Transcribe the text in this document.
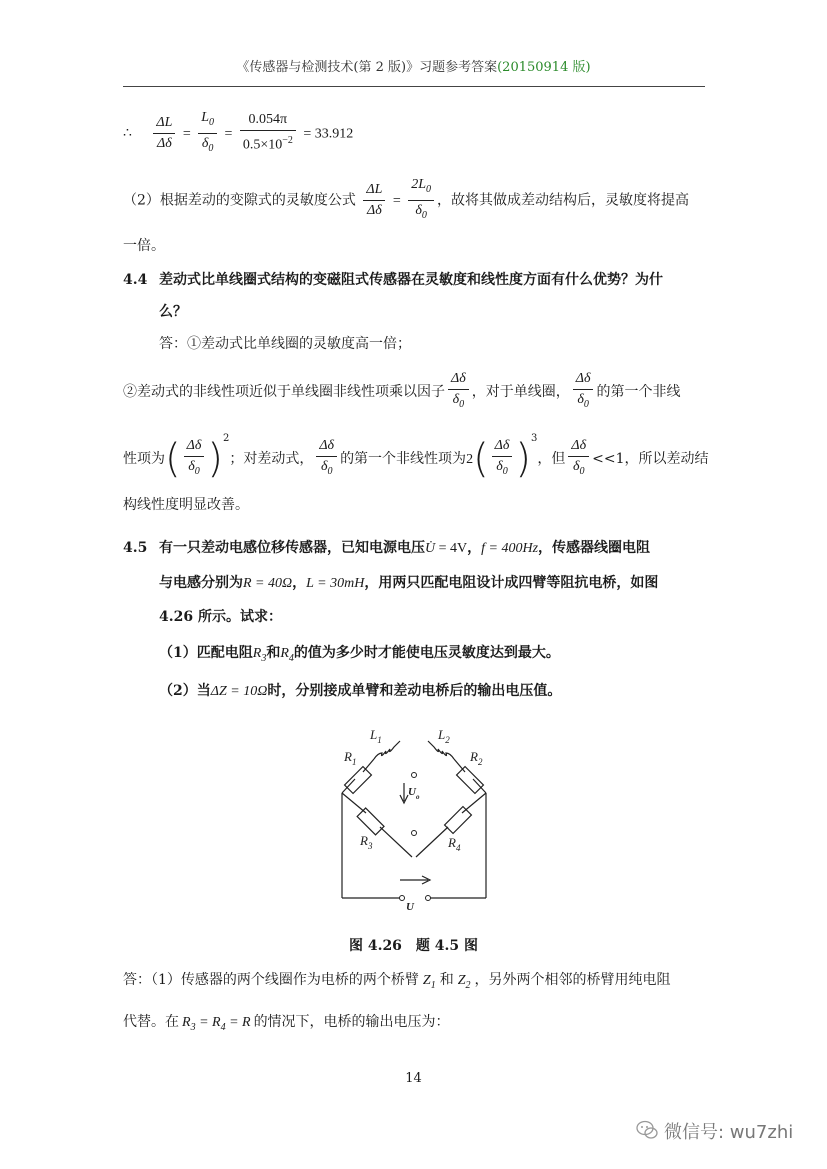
《传感器与检测技术(第 2 版)》习题参考答案(20150914 版)
∴ $\frac{\Delta L}{\Delta\delta} = \frac{L_0}{\delta_0} = \frac{0.054\pi}{0.5\times 10^{-2}} = 33.912$
（2）根据差动的变隙式的灵敏度公式 $\frac{\Delta L}{\Delta\delta} = \frac{2L_0}{\delta_0}$ ，故将其做成差动结构后，灵敏度将提高
一倍。
4.4 差动式比单线圈式结构的变磁阻式传感器在灵敏度和线性度方面有什么优势？为什
么？
答：①差动式比单线圈的灵敏度高一倍；
②差动式的非线性项近似于单线圈非线性项乘以因子 $\frac{\Delta\delta}{\delta_0}$ ，对于单线圈， $\frac{\Delta\delta}{\delta_0}$ 的第一个非线
性项为( $\frac{\Delta\delta}{\delta_0} )^2$；对差动式， $\frac{\Delta\delta}{\delta_0}$ 的第一个非线性项为$2( \frac{\Delta\delta}{\delta_0} )^3$，但 $\frac{\Delta\delta}{\delta_0} <<1$，所以差动结
构线性度明显改善。
4.5 有一只差动电感位移传感器，已知电源电压U̇ = 4V，f = 400Hz，传感器线圈电阻
与电感分别为R = 40Ω，L = 30mH，用两只匹配电阻设计成四臂等阻抗电桥，如图
4.26 所示。试求：
（1）匹配电阻$R_3$和$R_4$的值为多少时才能使电压灵敏度达到最大。
（2）当ΔZ = 10Ω时，分别接成单臂和差动电桥后的输出电压值。
$L_1$	$L_2$
$R_1$	$R_2$
$R_3$	$R_4$
$U_o$
U
图 4.26　题 4.5 图
答：（1）传感器的两个线圈作为电桥的两个桥臂 $Z_1$ 和 $Z_2$ ，另外两个相邻的桥臂用纯电阻
代替。在 $R_3 = R_4 = R$ 的情况下，电桥的输出电压为：
14
微信号: wu7zhi
